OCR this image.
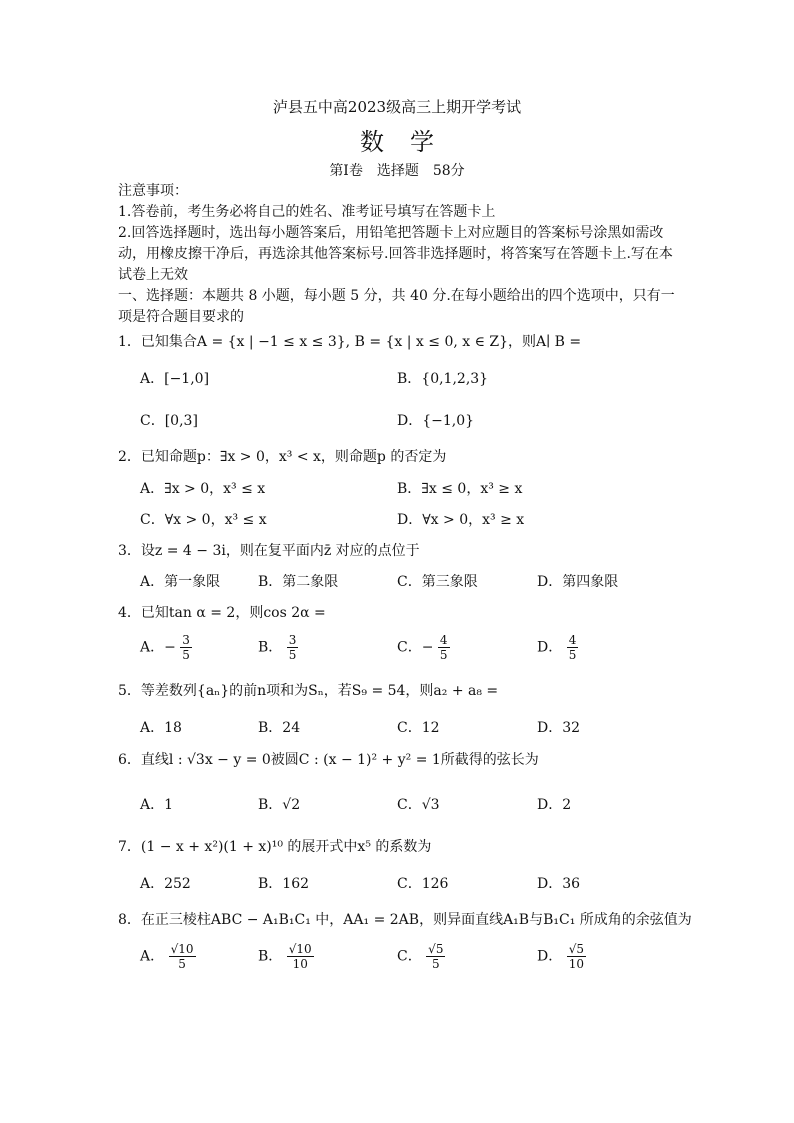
泸县五中高2023级高三上期开学考试
数学
第I卷　选择题　58分

注意事项：

1.答卷前，考生务必将自己的姓名、准考证号填写在答题卡上

2.回答选择题时，选出每小题答案后，用铅笔把答题卡上对应题目的答案标号涂黑如需改动，用橡皮擦干净后，再选涂其他答案标号.回答非选择题时，将答案写在答题卡上.写在本试卷上无效

一、选择题：本题共 8 小题，每小题 5 分，共 40 分.在每小题给出的四个选项中，只有一项是符合题目要求的

1．已知集合A = {x | −1 ≤ x ≤ 3}, B = {x | x ≤ 0, x ∈ Z}，则A∣ B =
A．[−1,0]	B．{0,1,2,3}
C．[0,3]	D．{−1,0}
2．已知命题p：∃x > 0，x³ < x，则命题p 的否定为
A．∃x > 0，x³ ≤ x	B．∃x ≤ 0，x³ ≥ x
C．∀x > 0，x³ ≤ x	D．∀x > 0，x³ ≥ x
3．设z = 4 − 3i，则在复平面内z̄ 对应的点位于
A．第一象限	B．第二象限	C．第三象限	D．第四象限
4．已知tan α = 2，则cos 2α =
A．− $\frac{3}{5}$	B． $\frac{3}{5}$	C．− $\frac{4}{5}$	D． $\frac{4}{5}$
5．等差数列{aₙ}的前n项和为Sₙ，若S₉ = 54，则a₂ + a₈ =
A．18	B．24	C．12	D．32
6．直线l : √3x − y = 0被圆C : (x − 1)² + y² = 1所截得的弦长为
A．1	B．√2	C．√3	D．2
7．(1 − x + x²)(1 + x)¹⁰ 的展开式中x⁵ 的系数为
A．252	B．162	C．126	D．36
8．在正三棱柱ABC − A₁B₁C₁ 中，AA₁ = 2AB，则异面直线A₁B与B₁C₁ 所成角的余弦值为
A． $\frac{√10}{5}$	B． $\frac{√10}{10}$	C． $\frac{√5}{5}$	D． $\frac{√5}{10}$
